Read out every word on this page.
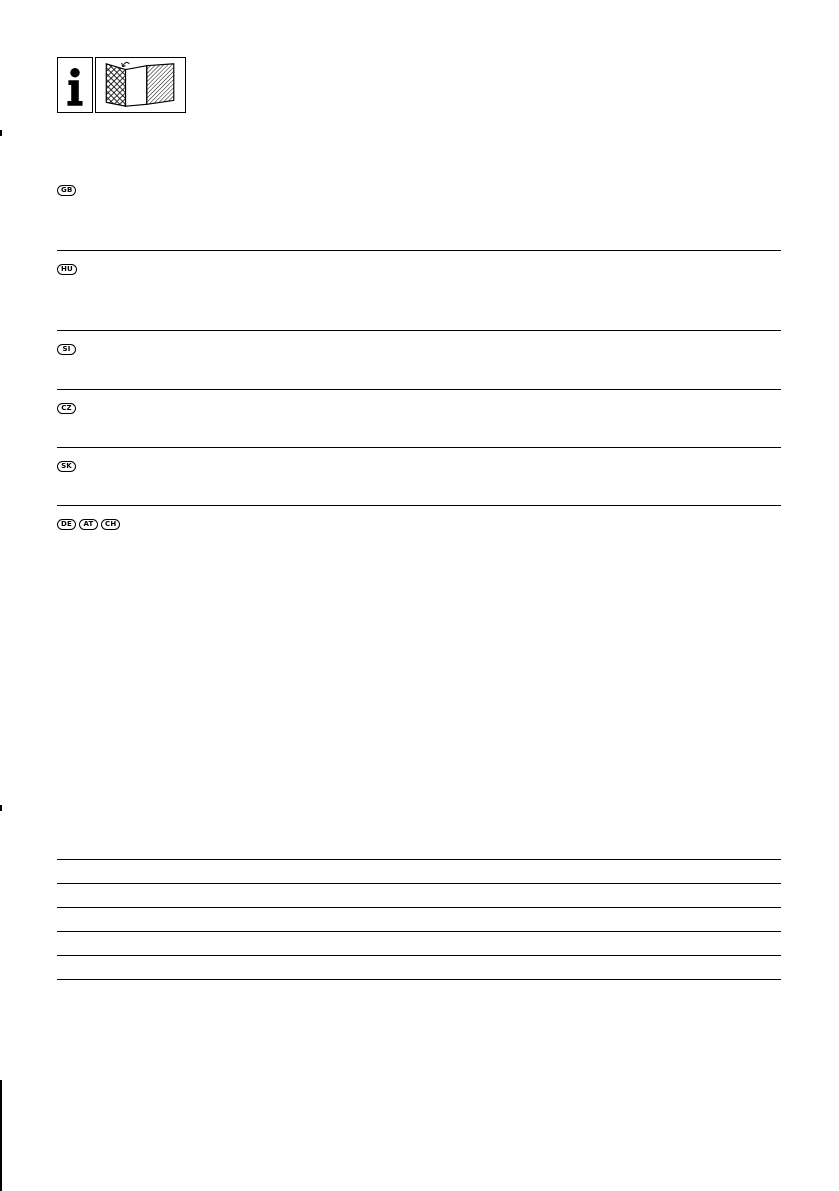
GB
HU
SI
CZ
SK
DE	AT	CH
